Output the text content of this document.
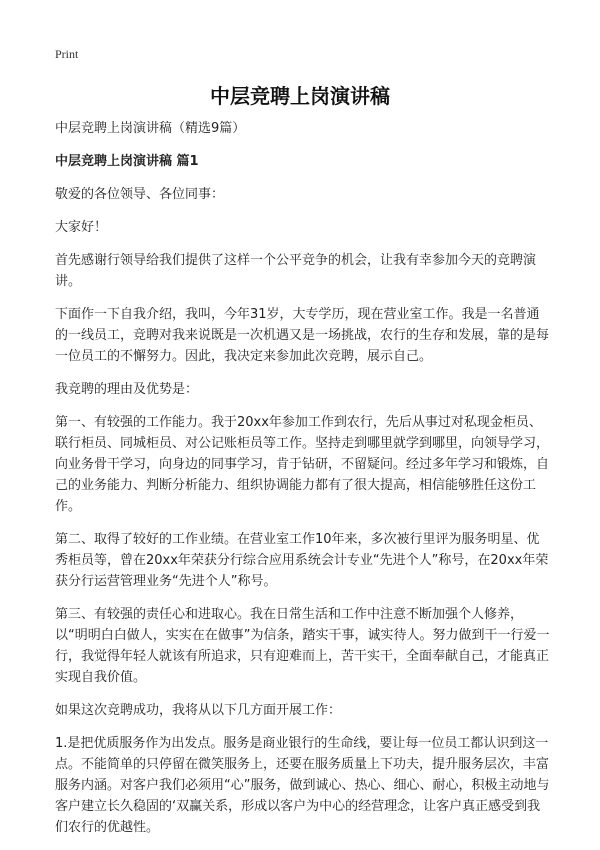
Print
中层竞聘上岗演讲稿

中层竞聘上岗演讲稿（精选9篇）

中层竞聘上岗演讲稿 篇1

敬爱的各位领导、各位同事：

大家好！

首先感谢行领导给我们提供了这样一个公平竞争的机会，让我有幸参加今天的竞聘演讲。

下面作一下自我介绍，我叫，今年31岁，大专学历，现在营业室工作。我是一名普通的一线员工，竞聘对我来说既是一次机遇又是一场挑战，农行的生存和发展，靠的是每一位员工的不懈努力。因此，我决定来参加此次竞聘，展示自己。

我竞聘的理由及优势是：

第一、有较强的工作能力。我于20xx年参加工作到农行，先后从事过对私现金柜员、联行柜员、同城柜员、对公记账柜员等工作。坚持走到哪里就学到哪里，向领导学习，向业务骨干学习，向身边的同事学习，肯于钻研，不留疑问。经过多年学习和锻炼，自己的业务能力、判断分析能力、组织协调能力都有了很大提高，相信能够胜任这份工作。

第二、取得了较好的工作业绩。在营业室工作10年来，多次被行里评为服务明星、优秀柜员等，曾在20xx年荣获分行综合应用系统会计专业“先进个人”称号，在20xx年荣获分行运营管理业务“先进个人”称号。

第三、有较强的责任心和进取心。我在日常生活和工作中注意不断加强个人修养，以“明明白白做人，实实在在做事”为信条，踏实干事，诚实待人。努力做到干一行爱一行，我觉得年轻人就该有所追求，只有迎难而上，苦干实干，全面奉献自己，才能真正实现自我价值。

如果这次竞聘成功，我将从以下几方面开展工作：

1.是把优质服务作为出发点。服务是商业银行的生命线，要让每一位员工都认识到这一点。不能简单的只停留在微笑服务上，还要在服务质量上下功夫，提升服务层次，丰富服务内涵。对客户我们必须用“心”服务，做到诚心、热心、细心、耐心，积极主动地与客户建立长久稳固的‘双赢关系，形成以客户为中心的经营理念，让客户真正感受到我们农行的优越性。
